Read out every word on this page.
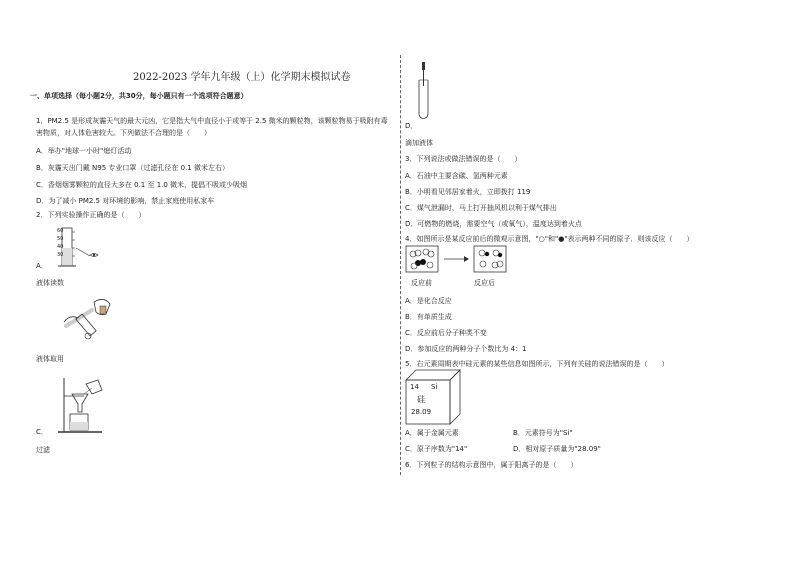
2022-2023 学年九年级（上）化学期末模拟试卷
一、单项选择（每小题2分，共30分，每小题只有一个选项符合题意）
1．PM2.5 是形成灰霾天气的最大元凶，它是指大气中直径小于或等于 2.5 微米的颗粒物，该颗粒物易于吸附有毒
害物质，对人体危害较大。下列做法不合理的是（　　）
A．举办"地球一小时"熄灯活动
B．灰霾天出门戴 N95 专业口罩（过滤孔径在 0.1 微米左右）
C．香烟烟雾颗粒的直径大多在 0.1 至 1.0 微米，提倡不吸或少吸烟
D．为了减小 PM2.5 对环境的影响，禁止家庭使用私家车
2．下列实验操作正确的是（　　）
60
50
40
30
A．
液体读数
液体取用
C．
过滤
D．
滴加液体
3．下列说法或做法错误的是（　　）
A．石油中主要含碳、氢两种元素
B．小明看见邻居家着火，立即拨打 119
C．煤气泄漏时，马上打开抽风机以利于煤气排出
D．可燃物的燃烧，需要空气（或氧气），温度达到着火点
4．如图所示是某反应前后的微观示意图，"○"和"●"表示两种不同的原子．则该反应（　　）
反应前	反应后
A．是化合反应
B．有单质生成
C．反应前后分子种类不变
D．参加反应的两种分子个数比为 4：1
5．右元素周期表中硅元素的某些信息如图所示，下列有关硅的说法错误的是（　　）
14 Si
硅
28.09
A．属于金属元素	B．元素符号为"Si"
C．原子序数为"14"	D．相对原子质量为"28.09"
6．下列粒子的结构示意图中，属于阳离子的是（　　）
